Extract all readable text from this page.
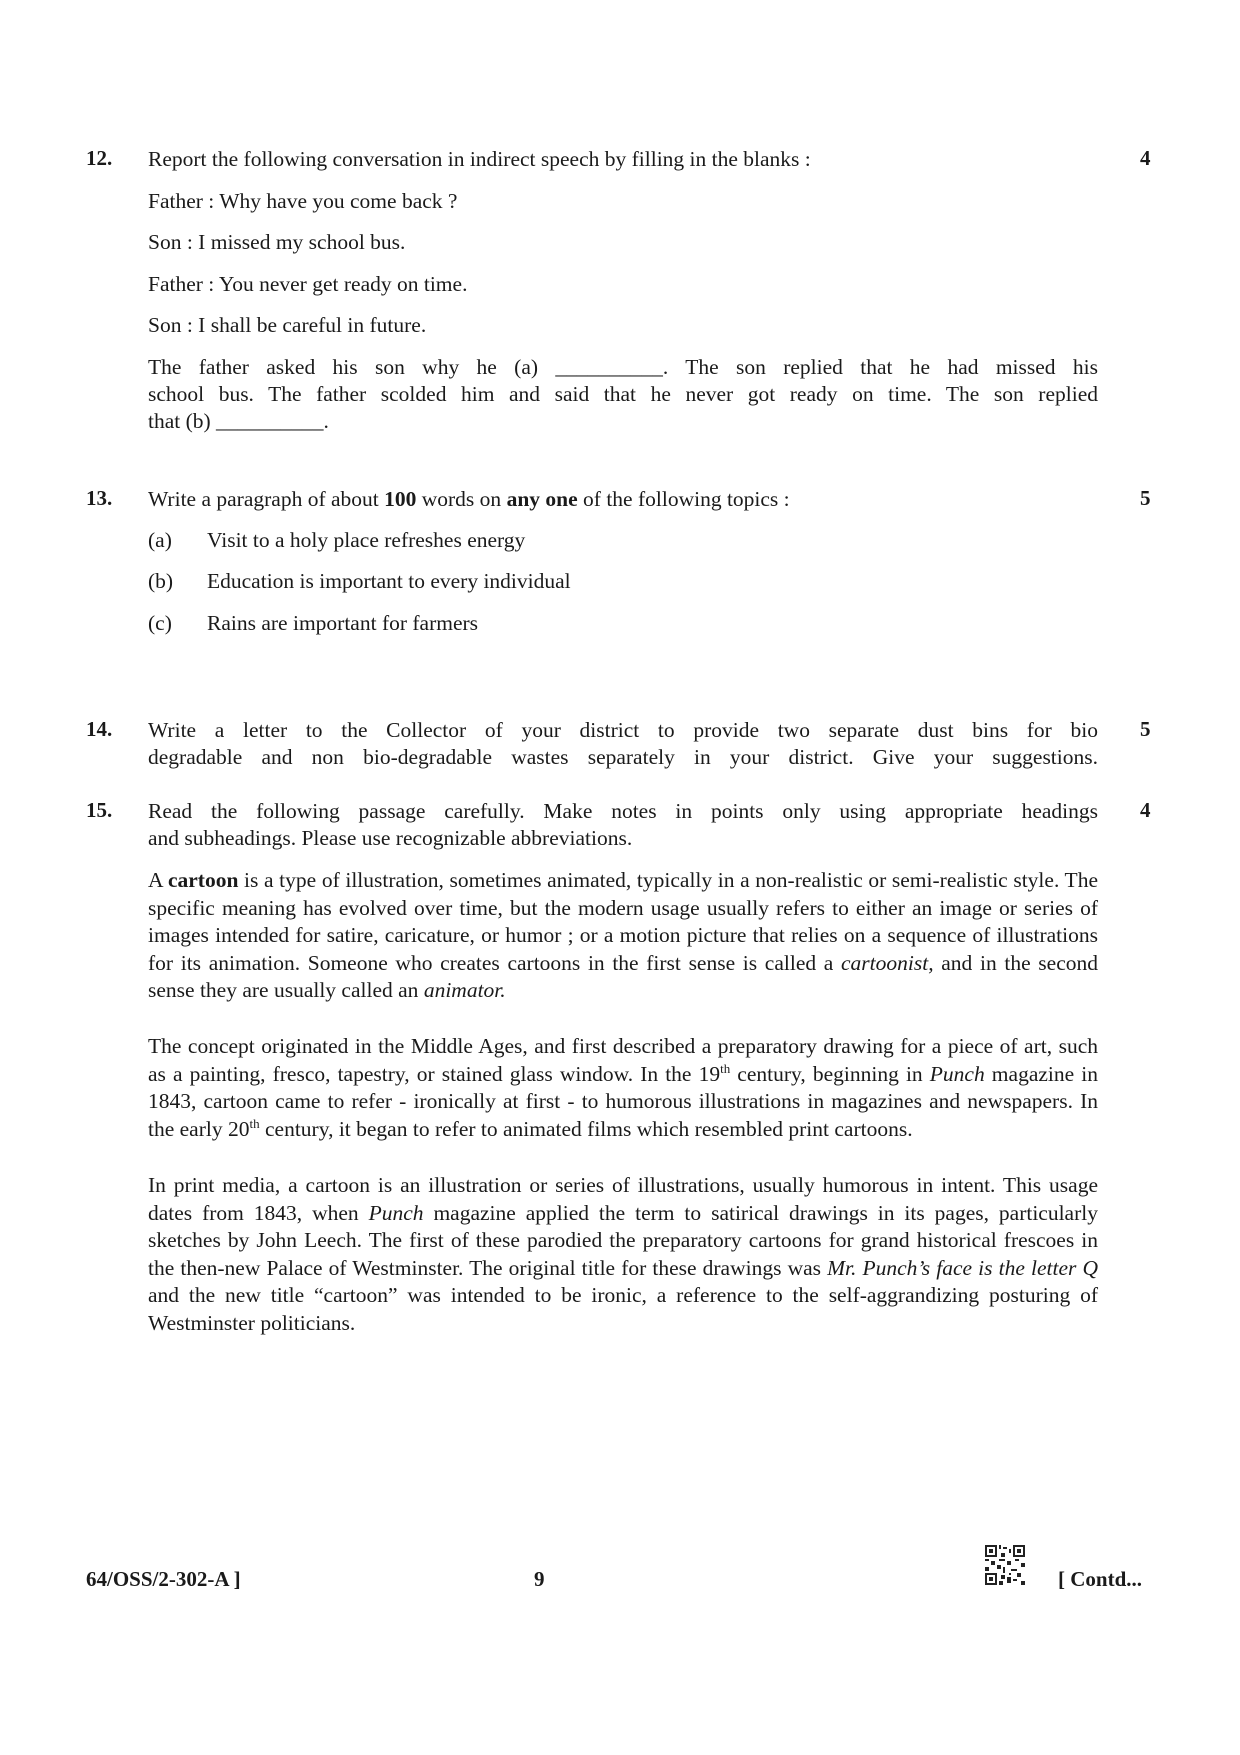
12. Report the following conversation in indirect speech by filling in the blanks :	4
Father : Why have you come back ?
Son : I missed my school bus.
Father : You never get ready on time.
Son : I shall be careful in future.
The father asked his son why he (a) __________. The son replied that he had missed his
school bus. The father scolded him and said that he never got ready on time. The son replied
that (b) __________.
13. Write a paragraph of about 100 words on any one of the following topics :	5
(a) Visit to a holy place refreshes energy
(b) Education is important to every individual
(c) Rains are important for farmers
14.	5
Write a letter to the Collector of your district to provide two separate dust bins for bio
degradable and non bio-degradable wastes separately in your district. Give your suggestions.
15.	4
Read the following passage carefully. Make notes in points only using appropriate headings
and subheadings. Please use recognizable abbreviations.
A cartoon is a type of illustration, sometimes animated, typically in a non-realistic or semi-realistic style. The specific meaning has evolved over time, but the modern usage usually refers to either an image or series of images intended for satire, caricature, or humor ; or a motion picture that relies on a sequence of illustrations for its animation. Someone who creates cartoons in the first sense is called a cartoonist, and in the second sense they are usually called an animator.
The concept originated in the Middle Ages, and first described a preparatory drawing for a piece of art, such as a painting, fresco, tapestry, or stained glass window. In the 19th century, beginning in Punch magazine in 1843, cartoon came to refer - ironically at first - to humorous illustrations in magazines and newspapers. In the early 20th century, it began to refer to animated films which resembled print cartoons.
In print media, a cartoon is an illustration or series of illustrations, usually humorous in intent. This usage dates from 1843, when Punch magazine applied the term to satirical drawings in its pages, particularly sketches by John Leech. The first of these parodied the preparatory cartoons for grand historical frescoes in the then-new Palace of Westminster. The original title for these drawings was Mr. Punch’s face is the letter Q and the new title “cartoon” was intended to be ironic, a reference to the self-aggrandizing posturing of Westminster politicians.
64/OSS/2-302-A ]	9	[ Contd...
